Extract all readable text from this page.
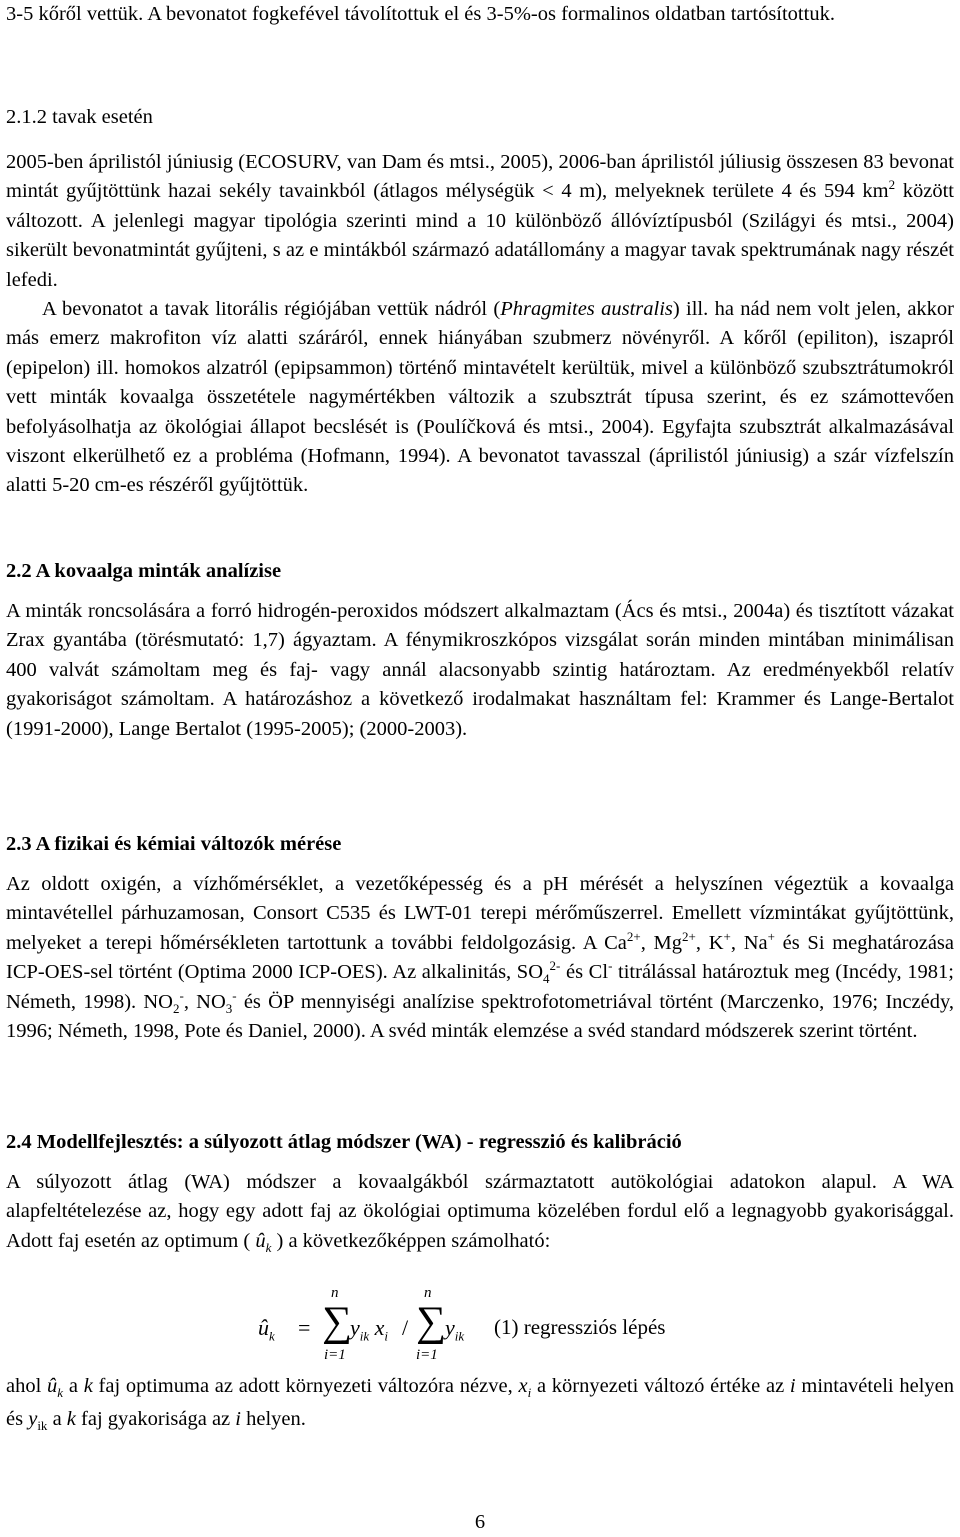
3-5 kőről vettük. A bevonatot fogkefével távolítottuk el és 3-5%-os formalinos oldatban tartósítottuk.

2.1.2 tavak esetén

2005-ben áprilistól júniusig (ECOSURV, van Dam és mtsi., 2005), 2006-ban áprilistól júliusig összesen 83 bevonat mintát gyűjtöttünk hazai sekély tavainkból (átlagos mélységük < 4 m), melyeknek területe 4 és 594 $km^2$ között változott. A jelenlegi magyar tipológia szerinti mind a 10 különböző állóvíztípusból (Szilágyi és mtsi., 2004) sikerült bevonatmintát gyűjteni, s az e mintákból származó adatállomány a magyar tavak spektrumának nagy részét lefedi.

A bevonatot a tavak litorális régiójában vettük nádról (Phragmites australis) ill. ha nád nem volt jelen, akkor más emerz makrofiton víz alatti száráról, ennek hiányában szubmerz növényről. A kőről (epiliton), iszapról (epipelon) ill. homokos alzatról (epipsammon) történő mintavételt kerültük, mivel a különböző szubsztrátumokról vett minták kovaalga összetétele nagymértékben változik a szubsztrát típusa szerint, és ez számottevően befolyásolhatja az ökológiai állapot becslését is (Poulíčková és mtsi., 2004). Egyfajta szubsztrát alkalmazásával viszont elkerülhető ez a probléma (Hofmann, 1994). A bevonatot tavasszal (áprilistól júniusig) a szár vízfelszín alatti 5-20 cm-es részéről gyűjtöttük.

2.2 A kovaalga minták analízise

A minták roncsolására a forró hidrogén-peroxidos módszert alkalmaztam (Ács és mtsi., 2004a) és tisztított vázakat Zrax gyantába (törésmutató: 1,7) ágyaztam. A fénymikroszkópos vizsgálat során minden mintában minimálisan 400 valvát számoltam meg és faj- vagy annál alacsonyabb szintig határoztam. Az eredményekből relatív gyakoriságot számoltam. A határozáshoz a következő irodalmakat használtam fel: Krammer és Lange-Bertalot (1991-2000), Lange Bertalot (1995-2005); (2000-2003).

2.3 A fizikai és kémiai változók mérése

Az oldott oxigén, a vízhőmérséklet, a vezetőképesség és a pH mérését a helyszínen végeztük a kovaalga mintavétellel párhuzamosan, Consort C535 és LWT-01 terepi mérőműszerrel. Emellett vízmintákat gyűjtöttünk, melyeket a terepi hőmérsékleten tartottunk a további feldolgozásig. A $Ca^{2+}$, $Mg^{2+}$, K+, Na+ és Si meghatározása ICP-OES-sel történt (Optima 2000 ICP-OES). Az alkalinitás, $SO_4^{2-}$ és Cl- titrálással határoztuk meg (Incédy, 1981; Németh, 1998). $NO_2^-$, $NO_3^-$ és ÖP mennyiségi analízise spektrofotometriával történt (Marczenko, 1976; Inczédy, 1996; Németh, 1998, Pote és Daniel, 2000). A svéd minták elemzése a svéd standard módszerek szerint történt.

2.4 Modellfejlesztés: a súlyozott átlag módszer (WA) - regresszió és kalibráció

A súlyozott átlag (WA) módszer a kovaalgákból származtatott autökológiai adatokon alapul. A WA alapfeltételezése az, hogy egy adott faj az ökológiai optimuma közelében fordul elő a legnagyobb gyakorisággal. Adott faj esetén az optimum ( $û_k$ ) a következőképpen számolható:

$û_k$ =
n
∑
i=1
$y_{ik}$ $x_i$ /
n
∑
i=1
$y_{ik}$ (1) regressziós lépés

ahol $û_k$ a k faj optimuma az adott környezeti változóra nézve, $x_i$ a környezeti változó értéke az i mintavételi helyen és $y_{ik}$ a k faj gyakorisága az i helyen.

6
